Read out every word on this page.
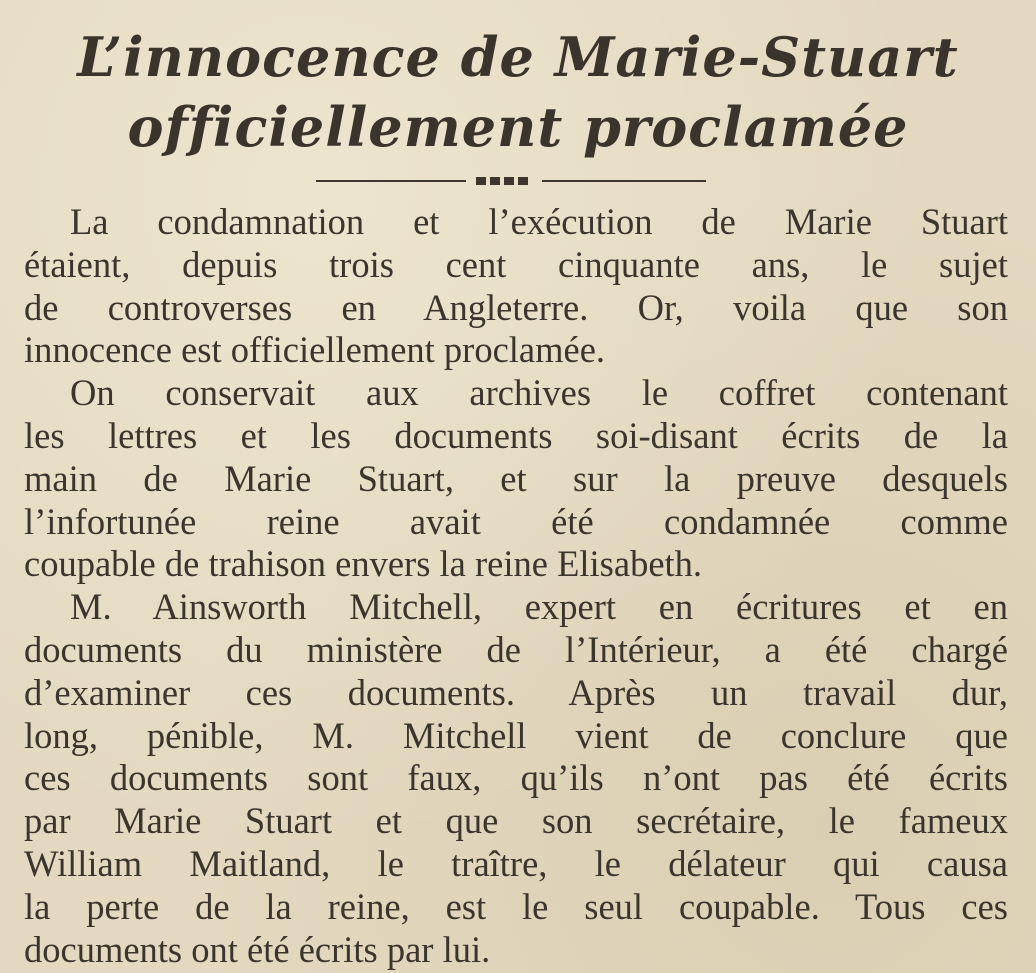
L’innocence de Marie-Stuart
officiellement proclamée

La condamnation et l’exécution de Marie Stuart
étaient, depuis trois cent cinquante ans, le sujet
de controverses en Angleterre. Or, voila que son
innocence est officiellement proclamée.

On conservait aux archives le coffret contenant
les lettres et les documents soi-disant écrits de la
main de Marie Stuart, et sur la preuve desquels
l’infortunée reine avait été condamnée comme
coupable de trahison envers la reine Elisabeth.

M. Ainsworth Mitchell, expert en écritures et en
documents du ministère de l’Intérieur, a été chargé
d’examiner ces documents. Après un travail dur,
long, pénible, M. Mitchell vient de conclure que
ces documents sont faux, qu’ils n’ont pas été écrits
par Marie Stuart et que son secrétaire, le fameux
William Maitland, le traître, le délateur qui causa
la perte de la reine, est le seul coupable. Tous ces
documents ont été écrits par lui.
